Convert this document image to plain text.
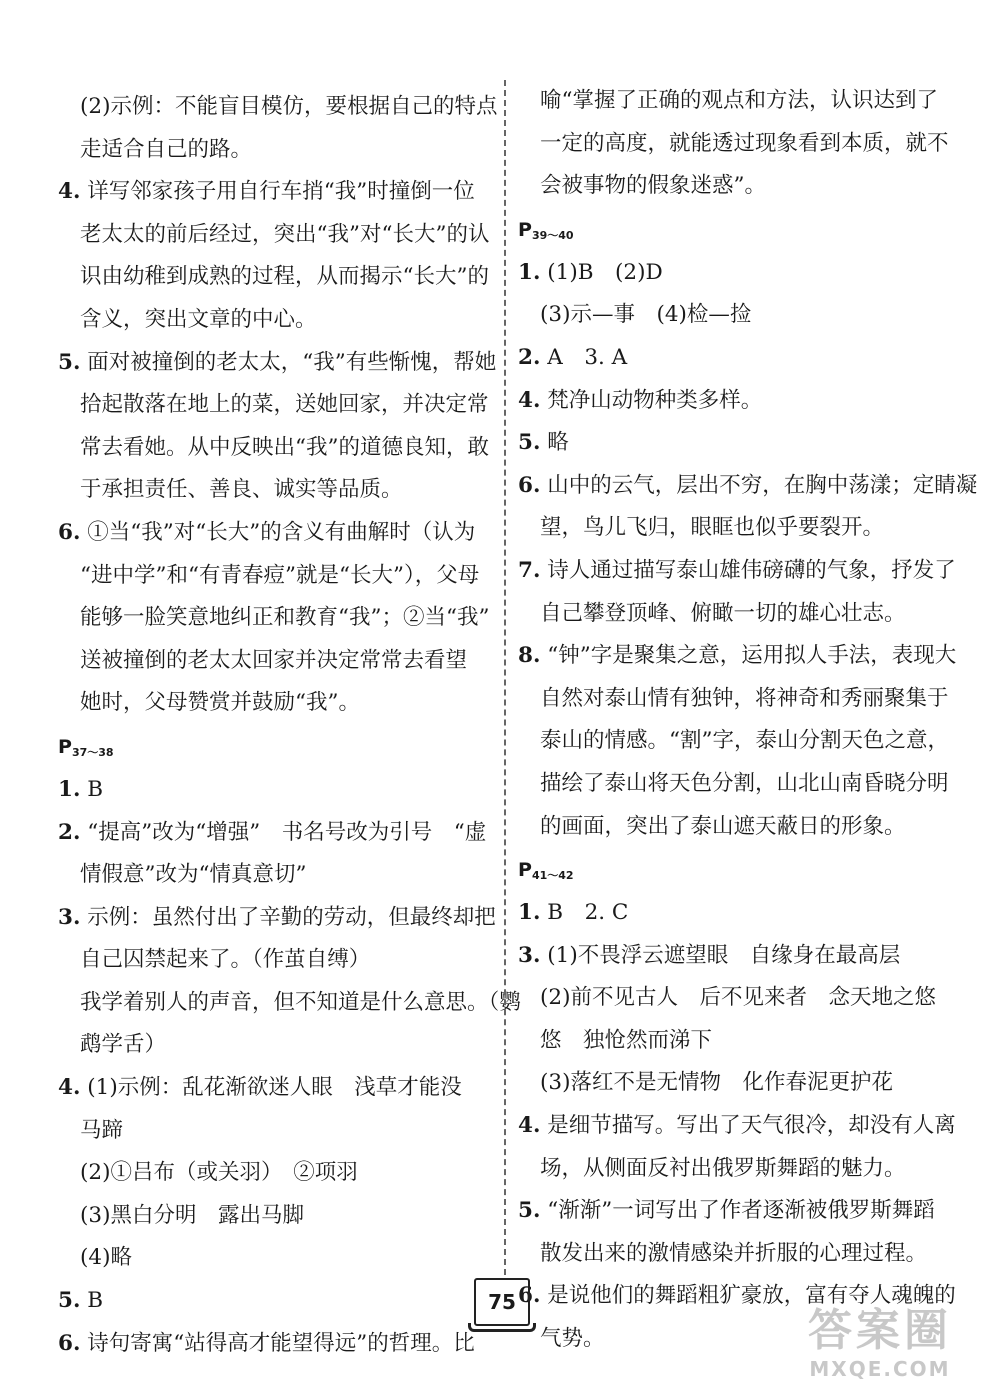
(2)示例：不能盲目模仿，要根据自己的特点
走适合自己的路。
4. 详写邻家孩子用自行车捎“我”时撞倒一位
老太太的前后经过，突出“我”对“长大”的认
识由幼稚到成熟的过程，从而揭示“长大”的
含义，突出文章的中心。
5. 面对被撞倒的老太太，“我”有些惭愧，帮她
拾起散落在地上的菜，送她回家，并决定常
常去看她。从中反映出“我”的道德良知，敢
于承担责任、善良、诚实等品质。
6. ①当“我”对“长大”的含义有曲解时（认为
“进中学”和“有青春痘”就是“长大”），父母
能够一脸笑意地纠正和教育“我”；②当“我”
送被撞倒的老太太回家并决定常常去看望
她时，父母赞赏并鼓励“我”。
$P_{37\sim 38}$
1. B
2. “提高”改为“增强”　书名号改为引号　“虚
情假意”改为“情真意切”
3. 示例：虽然付出了辛勤的劳动，但最终却把
自己囚禁起来了。（作茧自缚）
我学着别人的声音，但不知道是什么意思。（鹦
鹉学舌）
4. (1)示例：乱花渐欲迷人眼　浅草才能没
马蹄
(2)①吕布（或关羽）　②项羽
(3)黑白分明　露出马脚
(4)略
5. B
6. 诗句寄寓“站得高才能望得远”的哲理。比
喻“掌握了正确的观点和方法，认识达到了
一定的高度，就能透过现象看到本质，就不
会被事物的假象迷惑”。
$P_{39\sim 40}$
1. (1)B　(2)D
(3)示—事　(4)检—捡
2. A　3. A
4. 梵净山动物种类多样。
5. 略
6. 山中的云气，层出不穷，在胸中荡漾；定睛凝
望，鸟儿飞归，眼眶也似乎要裂开。
7. 诗人通过描写泰山雄伟磅礴的气象，抒发了
自己攀登顶峰、俯瞰一切的雄心壮志。
8. “钟”字是聚集之意，运用拟人手法，表现大
自然对泰山情有独钟，将神奇和秀丽聚集于
泰山的情感。“割”字，泰山分割天色之意，
描绘了泰山将天色分割，山北山南昏晓分明
的画面，突出了泰山遮天蔽日的形象。
$P_{41\sim 42}$
1. B　2. C
3. (1)不畏浮云遮望眼　自缘身在最高层
(2)前不见古人　后不见来者　念天地之悠
悠　独怆然而涕下
(3)落红不是无情物　化作春泥更护花
4. 是细节描写。写出了天气很冷，却没有人离
场，从侧面反衬出俄罗斯舞蹈的魅力。
5. “渐渐”一词写出了作者逐渐被俄罗斯舞蹈
散发出来的激情感染并折服的心理过程。
6. 是说他们的舞蹈粗犷豪放，富有夺人魂魄的
气势。
75
答案圈
MXQE.COM
